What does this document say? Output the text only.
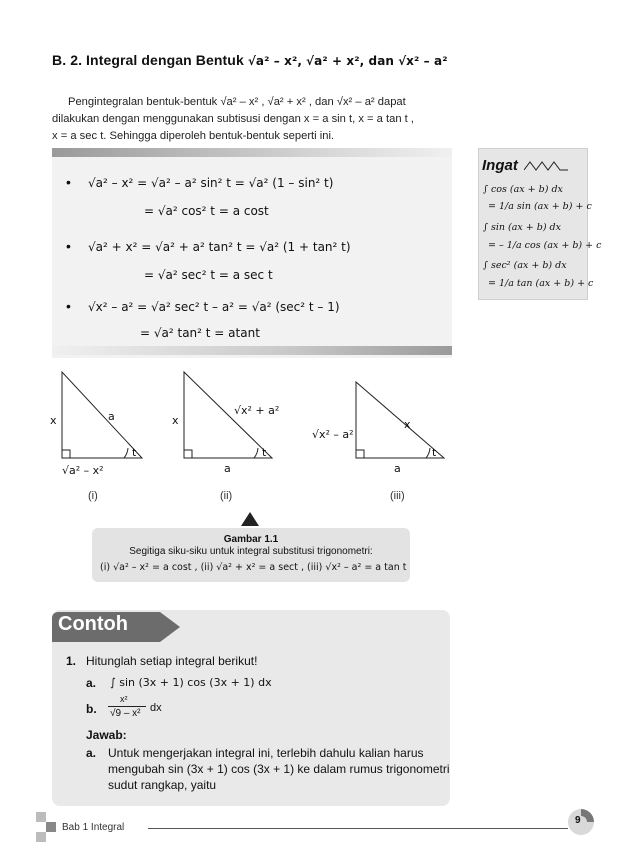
B. 2. Integral dengan Bentuk √a² – x², √a² + x², dan √x² – a²

Pengintegralan bentuk-bentuk √a² – x² , √a² + x² , dan √x² – a² dapat

dilakukan dengan menggunakan subtisusi dengan x = a sin t, x = a tan t ,
x = a sec t. Sehingga diperoleh bentuk-bentuk seperti ini.
• √a² – x² = √a² – a² sin² t = √a² (1 – sin² t)
= √a² cos² t = a cost
• √a² + x² = √a² + a² tan² t = √a² (1 + tan² t)
= √a² sec² t = a sec t
• √x² – a² = √a² sec² t – a² = √a² (sec² t – 1)
= √a² tan² t = atant
Ingat
∫ cos (ax + b) dx
= 1/a sin (ax + b) + c
∫ sin (ax + b) dx
= – 1/a cos (ax + b) + c
∫ sec² (ax + b) dx
= 1/a tan (ax + b) + c
x	a
t
√a² – x²
(i)
x
√x² + a²
t
a
(ii)
√x² – a²
x
t
a
(iii)
Gambar 1.1
Segitiga siku-siku untuk integral substitusi trigonometri:
(i) √a² – x² = a cost , (ii) √a² + x² = a sect , (iii) √x² – a² = a tan t
Contoh
1. Hitunglah setiap integral berikut!
a. ∫ sin (3x + 1) cos (3x + 1) dx
b.
x²
√9 – x² dx
Jawab:
a. Untuk mengerjakan integral ini, terlebih dahulu kalian harus
mengubah sin (3x + 1) cos (3x + 1) ke dalam rumus trigonometri
sudut rangkap, yaitu
Bab 1 Integral
9
